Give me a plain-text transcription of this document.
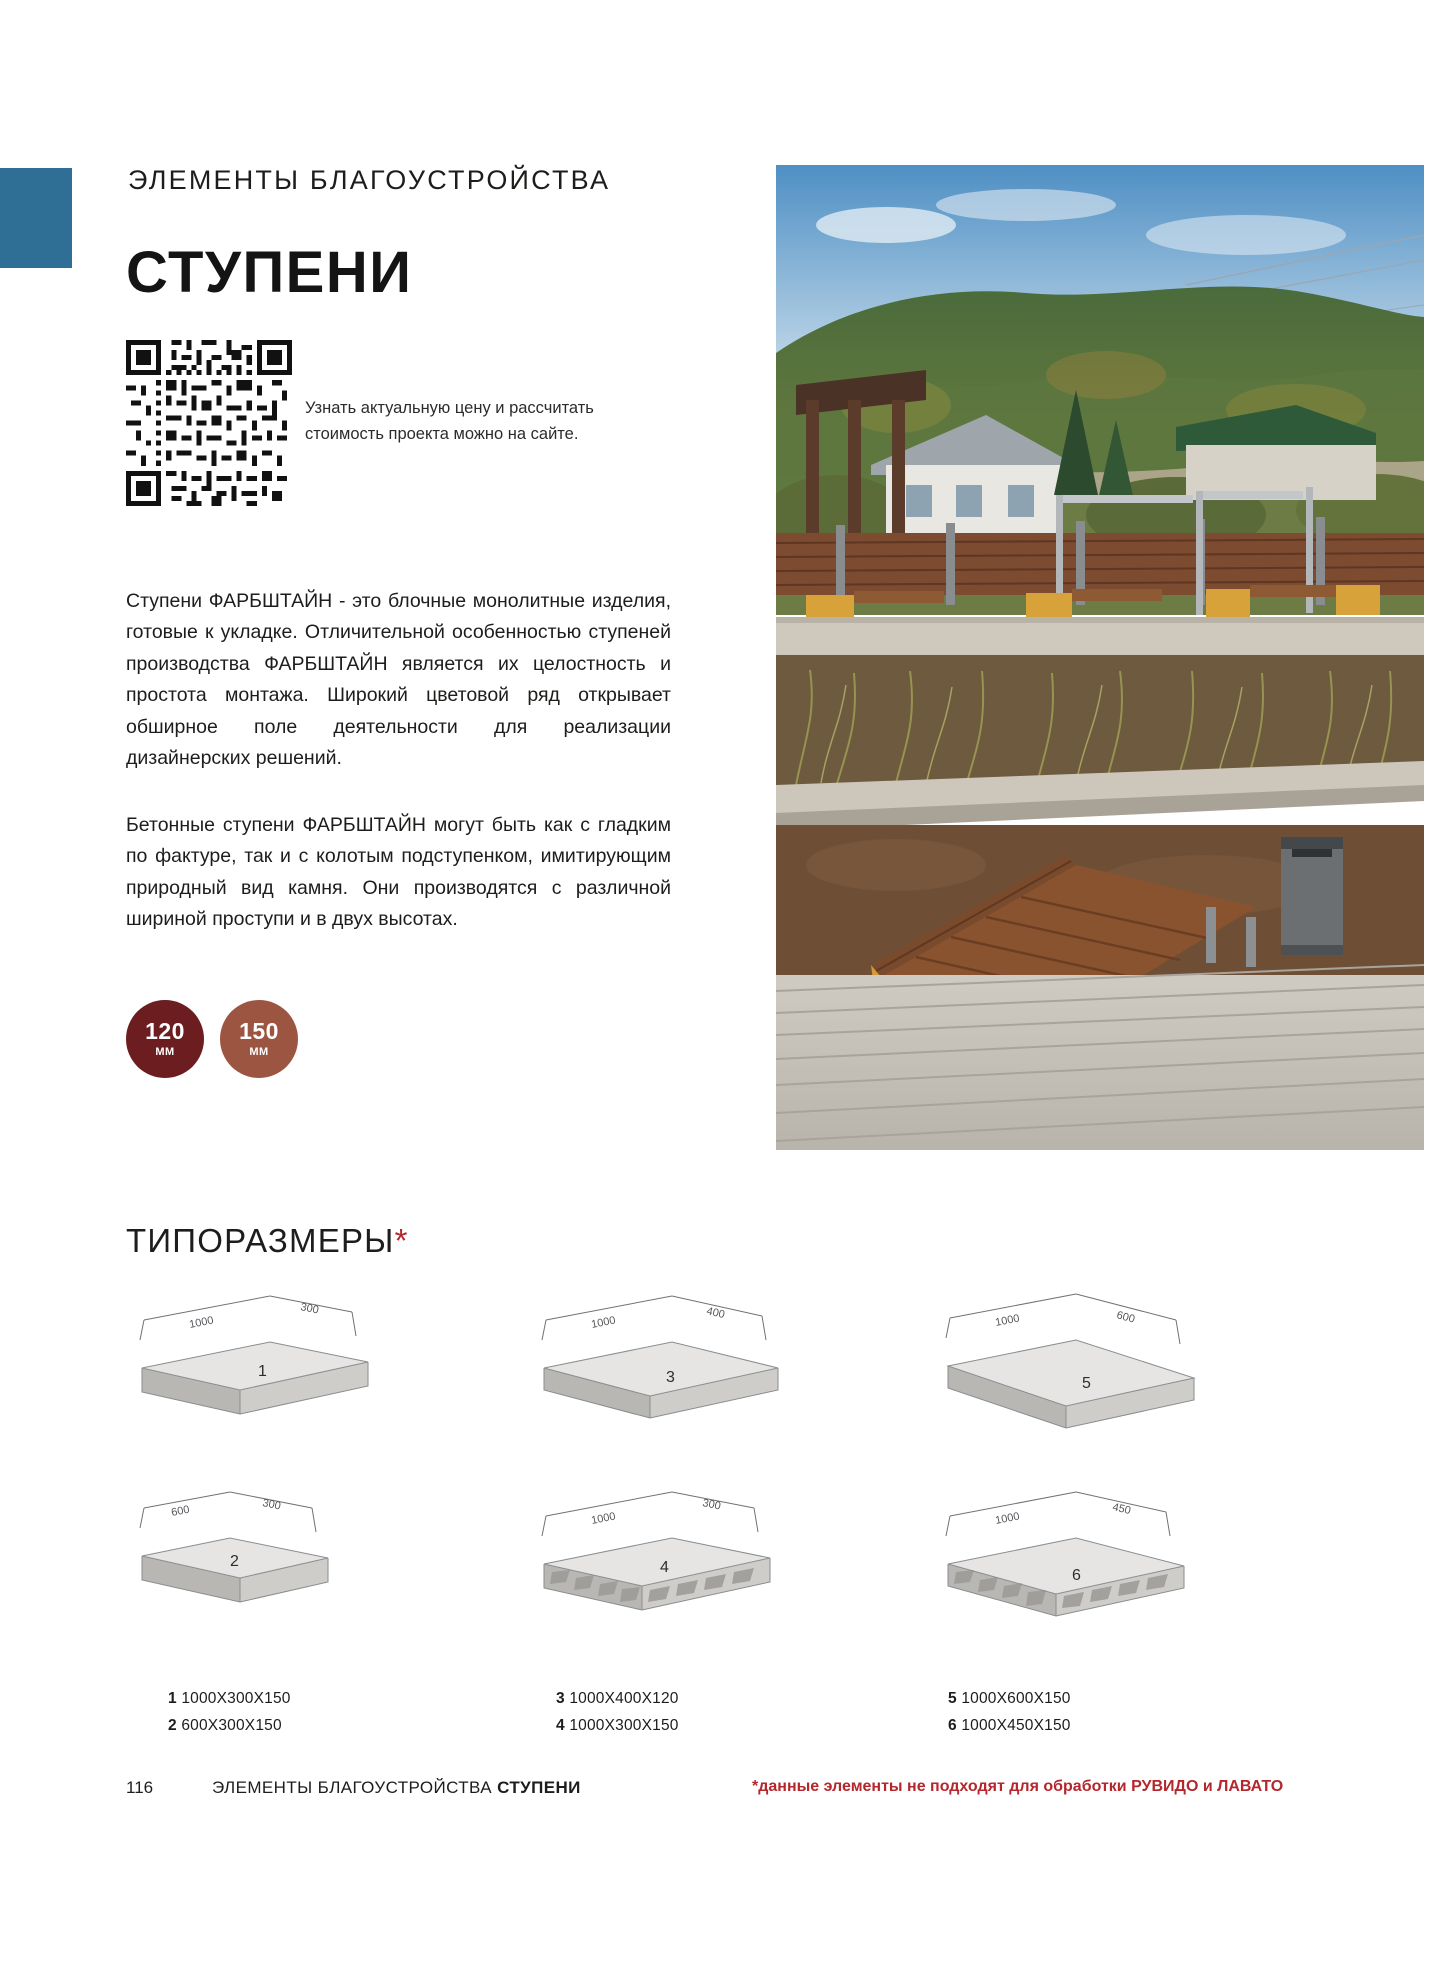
ЭЛЕМЕНТЫ БЛАГОУСТРОЙСТВА
СТУПЕНИ
Узнать актуальную цену и рассчитать стоимость проекта можно на сайте.

Ступени ФАРБШТАЙН - это блочные монолитные изделия, готовые к укладке. Отличительной особенностью ступеней производства ФАРБШТАЙН является их целостность и простота монтажа. Широкий цветовой ряд открывает обширное поле деятельности для реализации дизайнерских решений.

Бетонные ступени ФАРБШТАЙН могут быть как с гладким по фактуре, так и с колотым подступенком, имитирующим природный вид камня. Они производятся с различной шириной проступи и в двух высотах.

120
ММ
150
ММ
ТИПОРАЗМЕРЫ*
1000
300
1
1000
400
3
1000	600
5
600	300
2
1000
300
4
1000
450
6
1 1000X300X150
2 600X300X150
3 1000X400X120
4 1000X300X150
5 1000X600X150
6 1000X450X150
116	ЭЛЕМЕНТЫ БЛАГОУСТРОЙСТВА СТУПЕНИ	*данные элементы не подходят для обработки РУВИДО и ЛАВАТО
